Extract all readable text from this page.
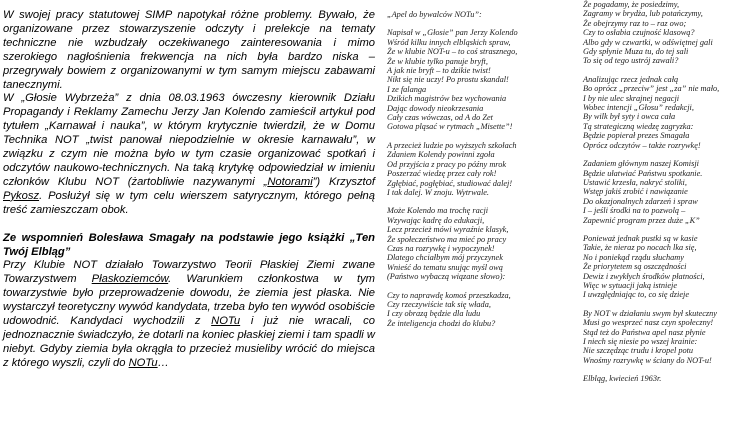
W swojej pracy statutowej SIMP napotykał różne problemy. Bywało, że organizowane przez stowarzyszenie odczyty i prelekcje na tematy techniczne nie wzbudzały oczekiwanego zainteresowania i mimo szerokiego nagłośnienia frekwencja na nich była bardzo niska – przegrywały bowiem z organizowanymi w tym samym miejscu zabawami tanecznymi.

W „Głosie Wybrzeża” z dnia 08.03.1963 ówczesny kierownik Działu Propagandy i Reklamy Zamechu Jerzy Jan Kolendo zamieścił artykuł pod tytułem „Karnawał i nauka”, w którym krytycznie twierdził, że w Domu Technika NOT „twist panował niepodzielnie w okresie karnawału”, w związku z czym nie można było w tym czasie organizować spotkań i odczytów naukowo-technicznych. Na taką krytykę odpowiedział w imieniu członków Klubu NOT (żartobliwie nazywanymi „Notorami”) Krzysztof Pykosz. Posłużył się w tym celu wierszem satyrycznym, którego pełną treść zamieszczam obok.

Ze wspomnień Bolesława Smagały na podstawie jego książki „Ten Twój Elbląg”

Przy Klubie NOT działało Towarzystwo Teorii Płaskiej Ziemi zwane Towarzystwem Płaskoziemców. Warunkiem członkostwa w tym towarzystwie było przeprowadzenie dowodu, że ziemia jest płaska. Nie wystarczył teoretyczny wywód kandydata, trzeba było ten wywód osobiście udowodnić. Kandydaci wychodzili z NOTu i już nie wracali, co jednoznacznie świadczyło, że dotarli na koniec płaskiej ziemi i tam spadli w niebyt. Gdyby ziemia była okrągła to przecież musieliby wrócić do miejsca z którego wyszli, czyli do NOTu…

„Apel do bywalców NOTu”:

Napisał w „Głosie” pan Jerzy Kolendo
Wśród kilku innych elbląskich spraw,
Że w klubie NOT-u – to coś strasznego,
Że w klubie tylko panuje bryft,
A jak nie bryft – to dzikie twist!
Nikt się nie uczy! Po prostu skandal!
I ze falanga
Dzikich magistrów bez wychowania
Dając dowody nieokrzesania
Cały czas wówczas, od A do Zet
Gotowa pląsać w rytmach „Misette”!

A przecież ludzie po wyższych szkołach
Zdaniem Kolendy powinni zgoła
Od przyjścia z pracy po późny mrok
Poszerzać wiedzę przez cały rok!
Zgłębiać, pogłębiać, studiować dalej!
I tak dalej. W znoju. Wytrwale.

Może Kolendo ma trochę racji
Wzywając kadrę do edukacji,
Lecz przecież mówi wyraźnie klasyk,
Że społeczeństwo ma mieć po pracy
Czas na rozrywkę i wypoczynek!
Dlatego chciałbym mój przyczynek
Wnieść do tematu snując myśl ową
(Państwo wybaczą wiązane słowo):

Czy to naprawdę komoś przeszkadza,
Czy rzeczywiście tak się włada,
I czy obrazą będzie dla ludu
Że inteligencja chodzi do klubu?

Że pogadamy, że posiedzimy,
Zagramy w brydża, lub potańczymy,
Że obejrzymy raz to – raz owo;
Czy to osłabia czujność klasową?
Albo gdy w czwartki, w odświętnej gali
Gdy spłynie Muza tu, do tej sali
To się od tego ustrój zawali?

Analizując rzecz jednak całą
Bo oprócz „przeciw” jest „za” nie mało,
I by nie ulec skrajnej negacji
Wobec intencji „Głosu” redakcji,
By wilk był syty i owca cała
Tą strategiczną wiedzę zagryzka:
Będzie popierał prezes Smagała
Oprócz odczytów – także rozrywkę!

Zadaniem głównym naszej Komisji
Będzie ułatwiać Państwu spotkanie.
Ustawić krzesła, nakryć stoliki,
Wstęp jakiś zrobić i nawiązanie
Do okazjonalnych zdarzeń i spraw
I – jeśli środki na to pozwolą –
Zapewnić program przez duże „K”

Ponieważ jednak pustki są w kasie
Takie, że nieraz po nocach lka się,
No i poniekąd rządu słuchamy
Że priorytetem są oszczędności
Dewiz i zwykłych środków płatności,
Więc w sytuacji jaką istnieje
I uwzględniając to, co się dzieje

By NOT w działaniu swym był skuteczny
Musi go wesprzeć nasz czyn społeczny!
Stąd też do Państwa apel nasz płynie
I niech się niesie po wszej krainie:
Nie szczędząc trudu i kropel potu
Wnośmy rozrywkę w ściany do NOT-u!

Elbląg, kwiecień 1963r.
